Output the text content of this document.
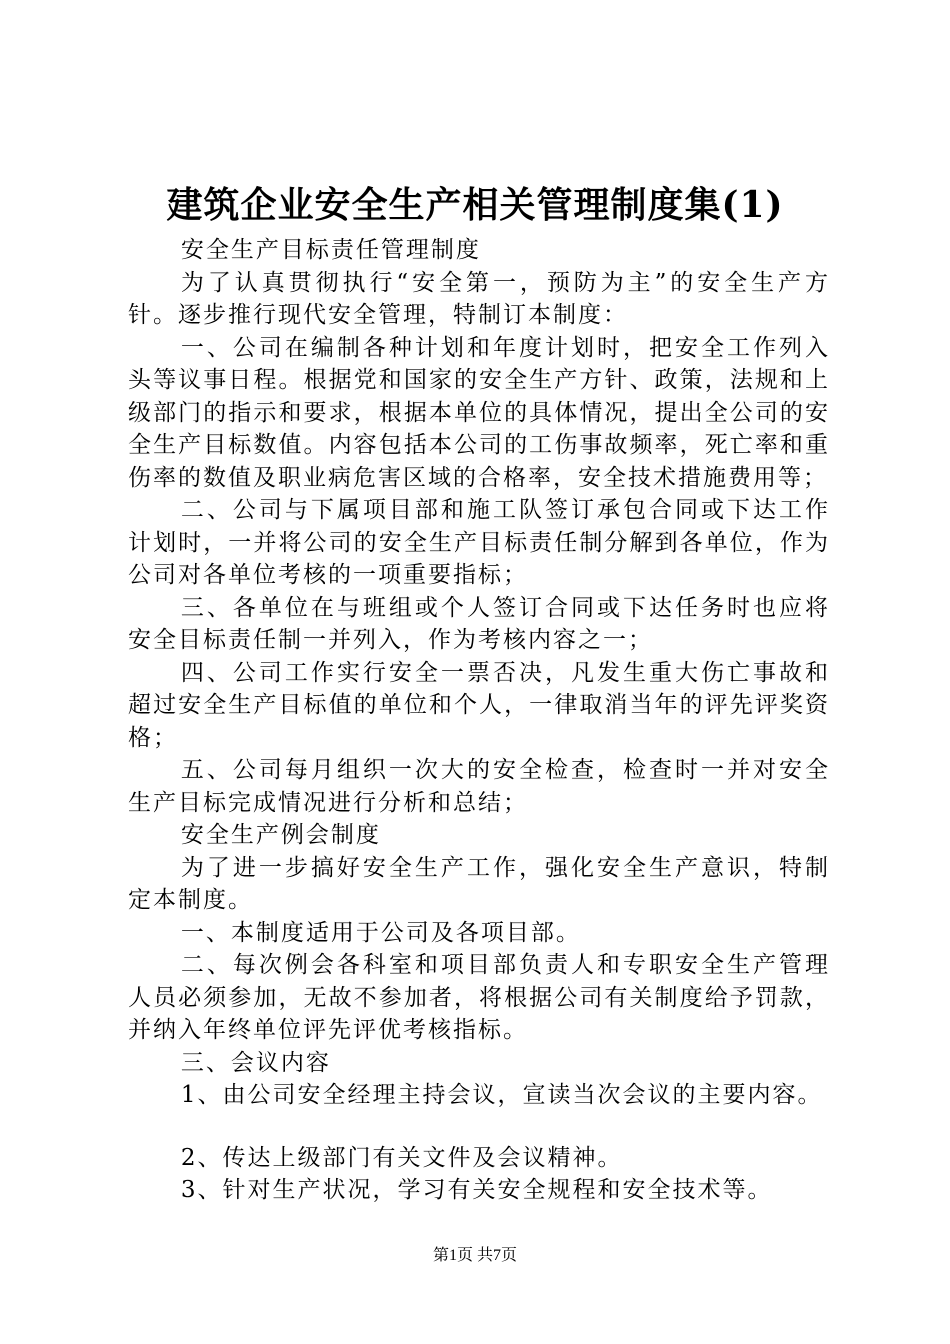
建筑企业安全生产相关管理制度集(1)

安全生产目标责任管理制度

为了认真贯彻执行“安全第一，预防为主”的安全生产方针。逐步推行现代安全管理，特制订本制度：

一、公司在编制各种计划和年度计划时，把安全工作列入头等议事日程。根据党和国家的安全生产方针、政策，法规和上级部门的指示和要求，根据本单位的具体情况，提出全公司的安全生产目标数值。内容包括本公司的工伤事故频率，死亡率和重伤率的数值及职业病危害区域的合格率，安全技术措施费用等；

二、公司与下属项目部和施工队签订承包合同或下达工作计划时，一并将公司的安全生产目标责任制分解到各单位，作为公司对各单位考核的一项重要指标；

三、各单位在与班组或个人签订合同或下达任务时也应将安全目标责任制一并列入，作为考核内容之一；

四、公司工作实行安全一票否决，凡发生重大伤亡事故和超过安全生产目标值的单位和个人，一律取消当年的评先评奖资格；

五、公司每月组织一次大的安全检查，检查时一并对安全生产目标完成情况进行分析和总结；

安全生产例会制度

为了进一步搞好安全生产工作，强化安全生产意识，特制定本制度。

一、本制度适用于公司及各项目部。

二、每次例会各科室和项目部负责人和专职安全生产管理人员必须参加，无故不参加者，将根据公司有关制度给予罚款，并纳入年终单位评先评优考核指标。

三、会议内容

1、由公司安全经理主持会议，宣读当次会议的主要内容。

2、传达上级部门有关文件及会议精神。

3、针对生产状况，学习有关安全规程和安全技术等。

第1页 共7页
